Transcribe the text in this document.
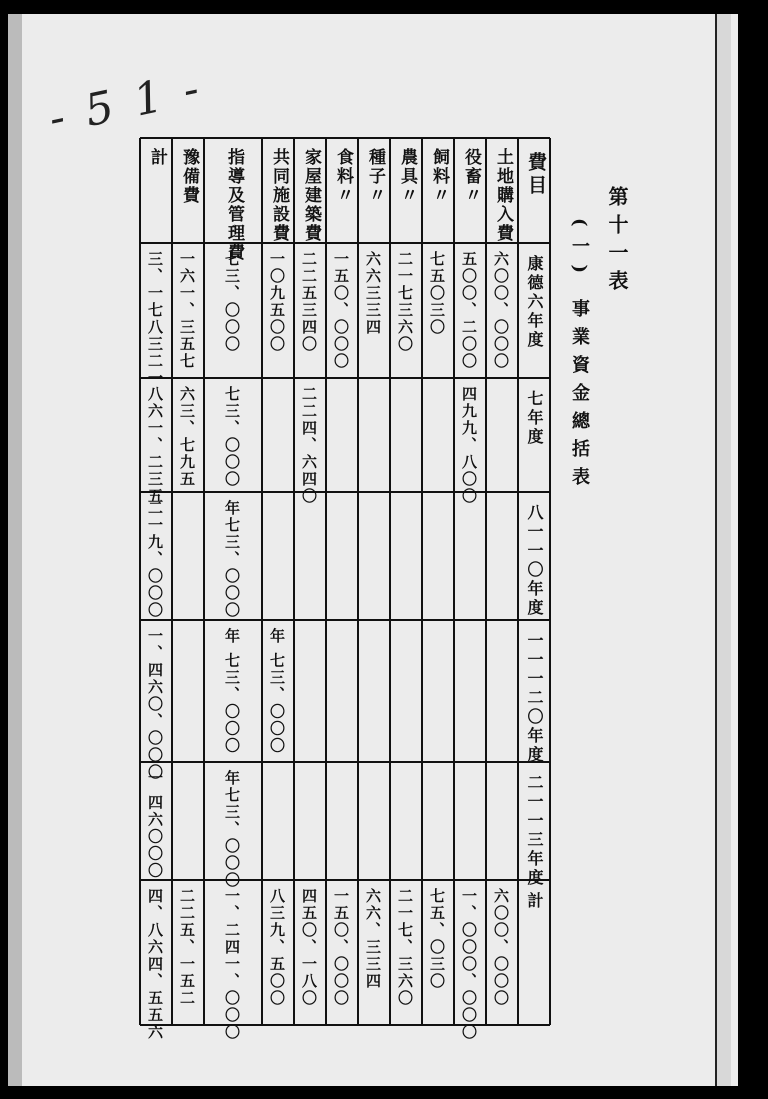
- 5 1 -
第十一表
(一) 事業資金總括表
費目
康德六年度
七年度
八一一〇年度
一一一二〇年度
二一一三年度
計
土地購入費
六〇〇、〇〇〇
六〇〇、〇〇〇
役畜〃
五〇〇、二〇〇
四九九、八〇〇
一、〇〇〇、〇〇〇
飼料〃
七五〇三〇
七五、〇三〇
農具〃
二一七三六〇
二一七、三六〇
種子〃
六六三三四
六六、三三四
食料〃
一五〇、〇〇〇
一五〇、〇〇〇
家屋建築費
二二五三四〇
二二四、六四〇
四五〇、一八〇
共同施設費
一〇九五〇〇
年 七三、〇〇〇
八三九、五〇〇
指導及管理費
七三、〇〇〇
七三、〇〇〇
年七三、〇〇〇
年 七三、〇〇〇
年七三、〇〇〇
一、二四一、〇〇〇
豫備費
一六一、三五七
六三、七九五
二二五、一五二
計
三、一七八三二一
八六一、二三五
二一九、〇〇〇
一、四六〇、〇〇〇
一 四六〇〇〇
四、八六四、五五六
